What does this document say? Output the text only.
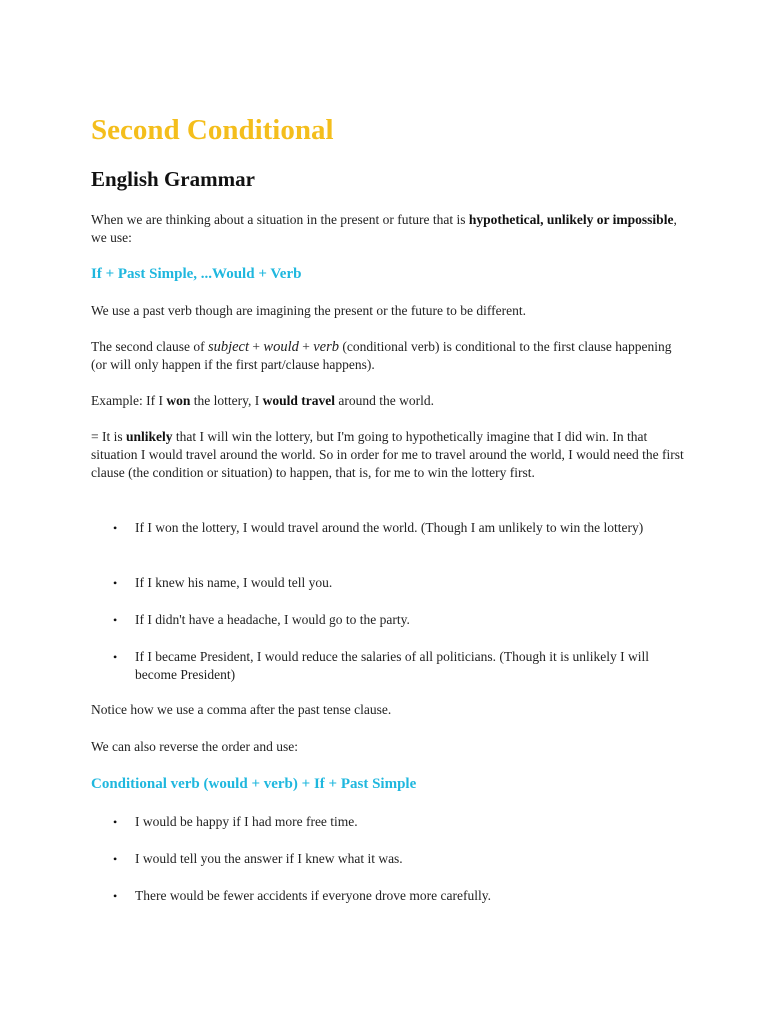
Second Conditional
English Grammar

When we are thinking about a situation in the present or future that is hypothetical, unlikely or impossible, we use:

If + Past Simple, ...Would + Verb

We use a past verb though are imagining the present or the future to be different.

The second clause of subject + would + verb (conditional verb) is conditional to the first clause happening (or will only happen if the first part/clause happens).

Example: If I won the lottery, I would travel around the world.

= It is unlikely that I will win the lottery, but I'm going to hypothetically imagine that I did win. In that situation I would travel around the world. So in order for me to travel around the world, I would need the first clause (the condition or situation) to happen, that is, for me to win the lottery first.

• If I won the lottery, I would travel around the world. (Though I am unlikely to win the lottery)

• If I knew his name, I would tell you.

• If I didn't have a headache, I would go to the party.

• If I became President, I would reduce the salaries of all politicians. (Though it is unlikely I will become President)

Notice how we use a comma after the past tense clause.

We can also reverse the order and use:

Conditional verb (would + verb) + If + Past Simple

• I would be happy if I had more free time.

• I would tell you the answer if I knew what it was.

• There would be fewer accidents if everyone drove more carefully.
